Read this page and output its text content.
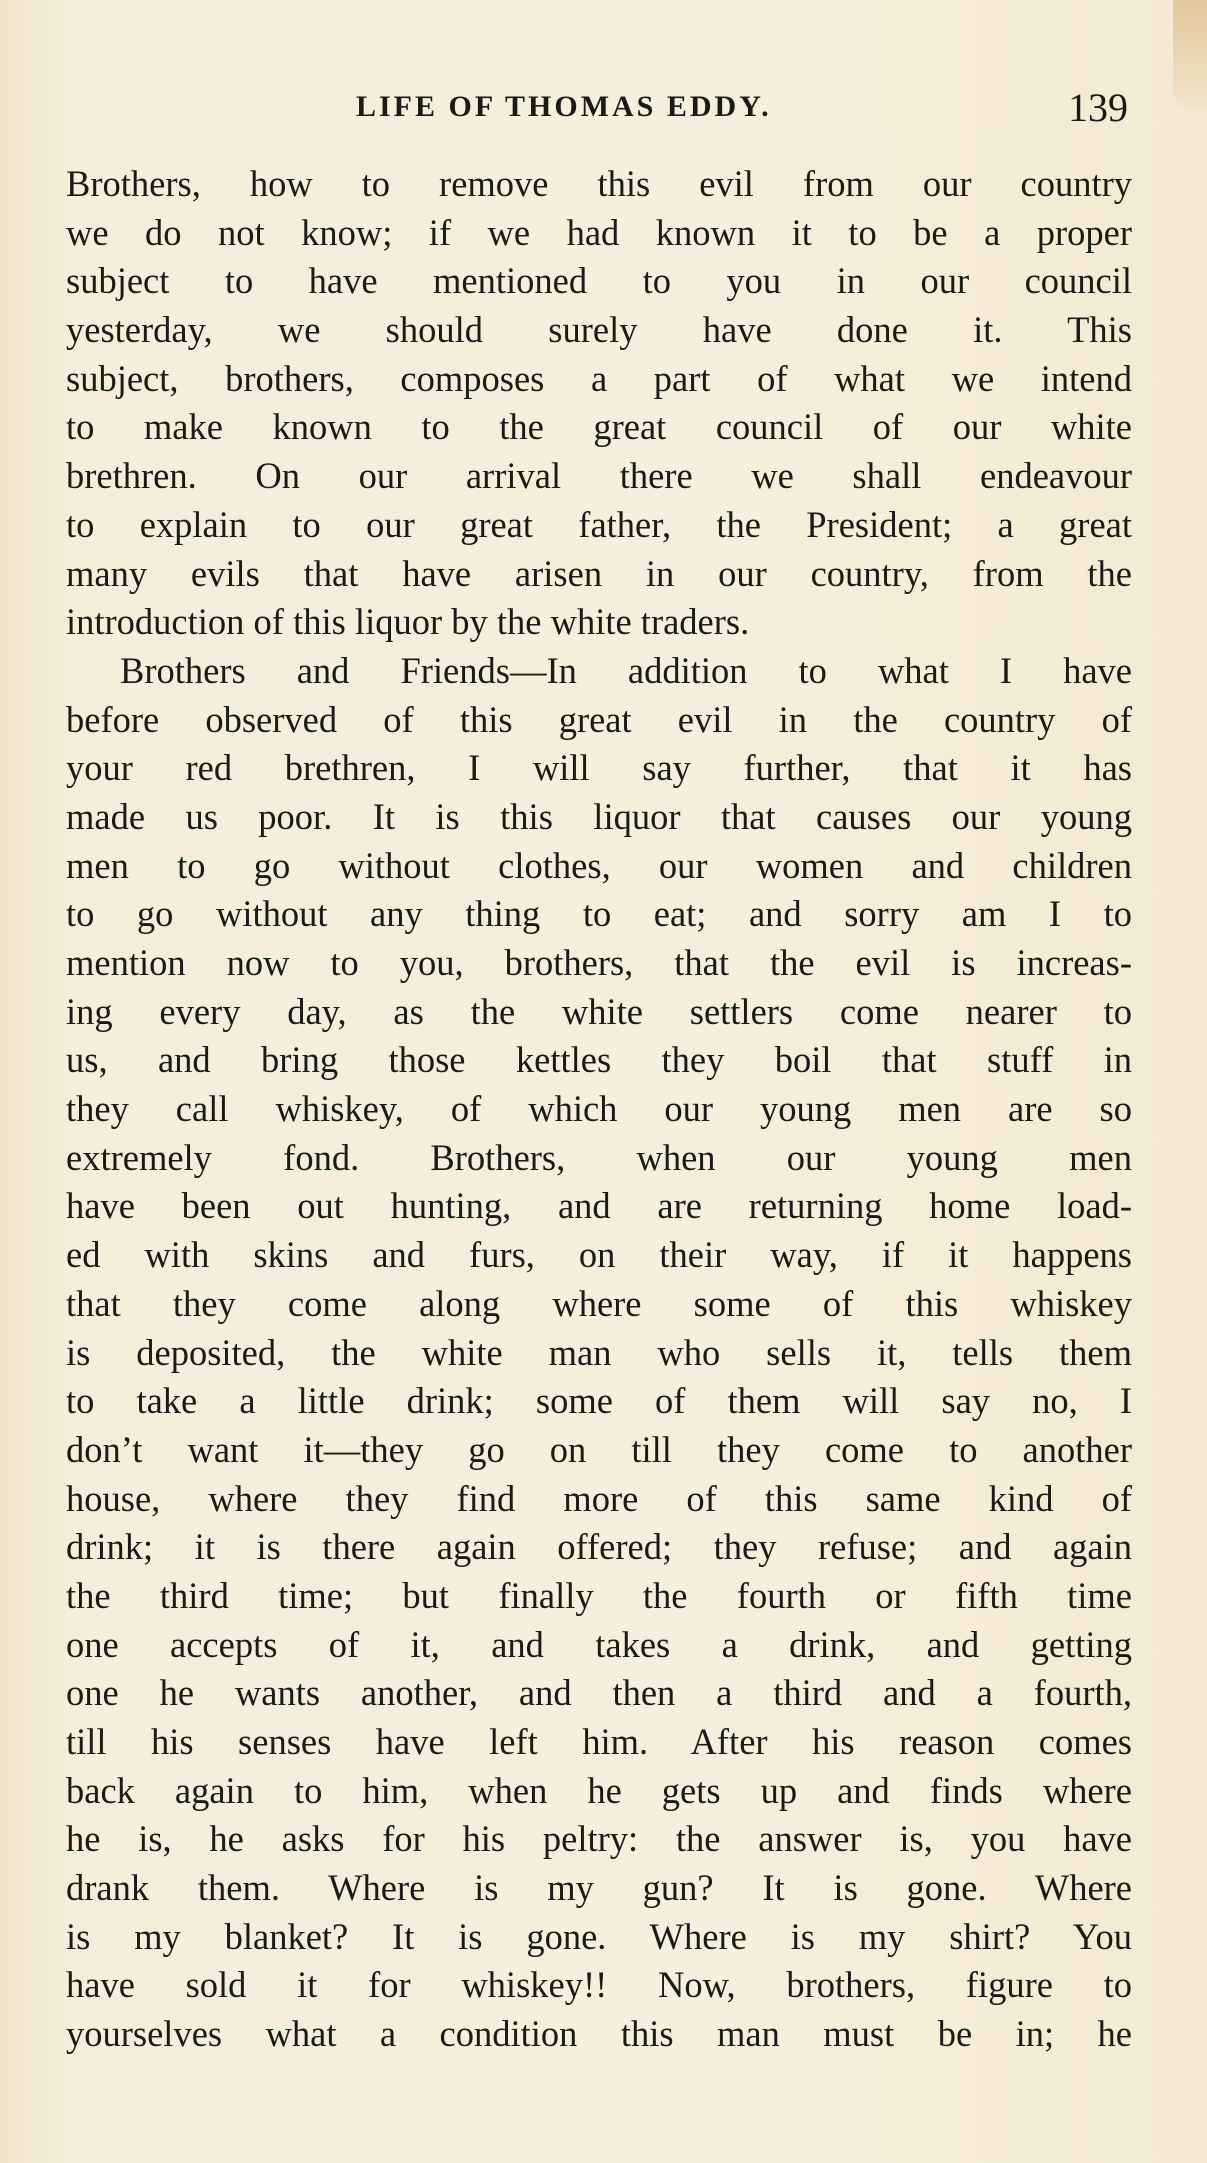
LIFE OF THOMAS EDDY.	139
Brothers, how to remove this evil from our country
we do not know; if we had known it to be a proper
subject to have mentioned to you in our council
yesterday, we should surely have done it. This
subject, brothers, composes a part of what we intend
to make known to the great council of our white
brethren. On our arrival there we shall endeavour
to explain to our great father, the President; a great
many evils that have arisen in our country, from the
introduction of this liquor by the white traders.
Brothers and Friends—In addition to what I have
before observed of this great evil in the country of
your red brethren, I will say further, that it has
made us poor. It is this liquor that causes our young
men to go without clothes, our women and children
to go without any thing to eat; and sorry am I to
mention now to you, brothers, that the evil is increas-
ing every day, as the white settlers come nearer to
us, and bring those kettles they boil that stuff in
they call whiskey, of which our young men are so
extremely fond. Brothers, when our young men
have been out hunting, and are returning home load-
ed with skins and furs, on their way, if it happens
that they come along where some of this whiskey
is deposited, the white man who sells it, tells them
to take a little drink; some of them will say no, I
don’t want it—they go on till they come to another
house, where they find more of this same kind of
drink; it is there again offered; they refuse; and again
the third time; but finally the fourth or fifth time
one accepts of it, and takes a drink, and getting
one he wants another, and then a third and a fourth,
till his senses have left him. After his reason comes
back again to him, when he gets up and finds where
he is, he asks for his peltry: the answer is, you have
drank them. Where is my gun? It is gone. Where
is my blanket? It is gone. Where is my shirt? You
have sold it for whiskey!! Now, brothers, figure to
yourselves what a condition this man must be in; he
